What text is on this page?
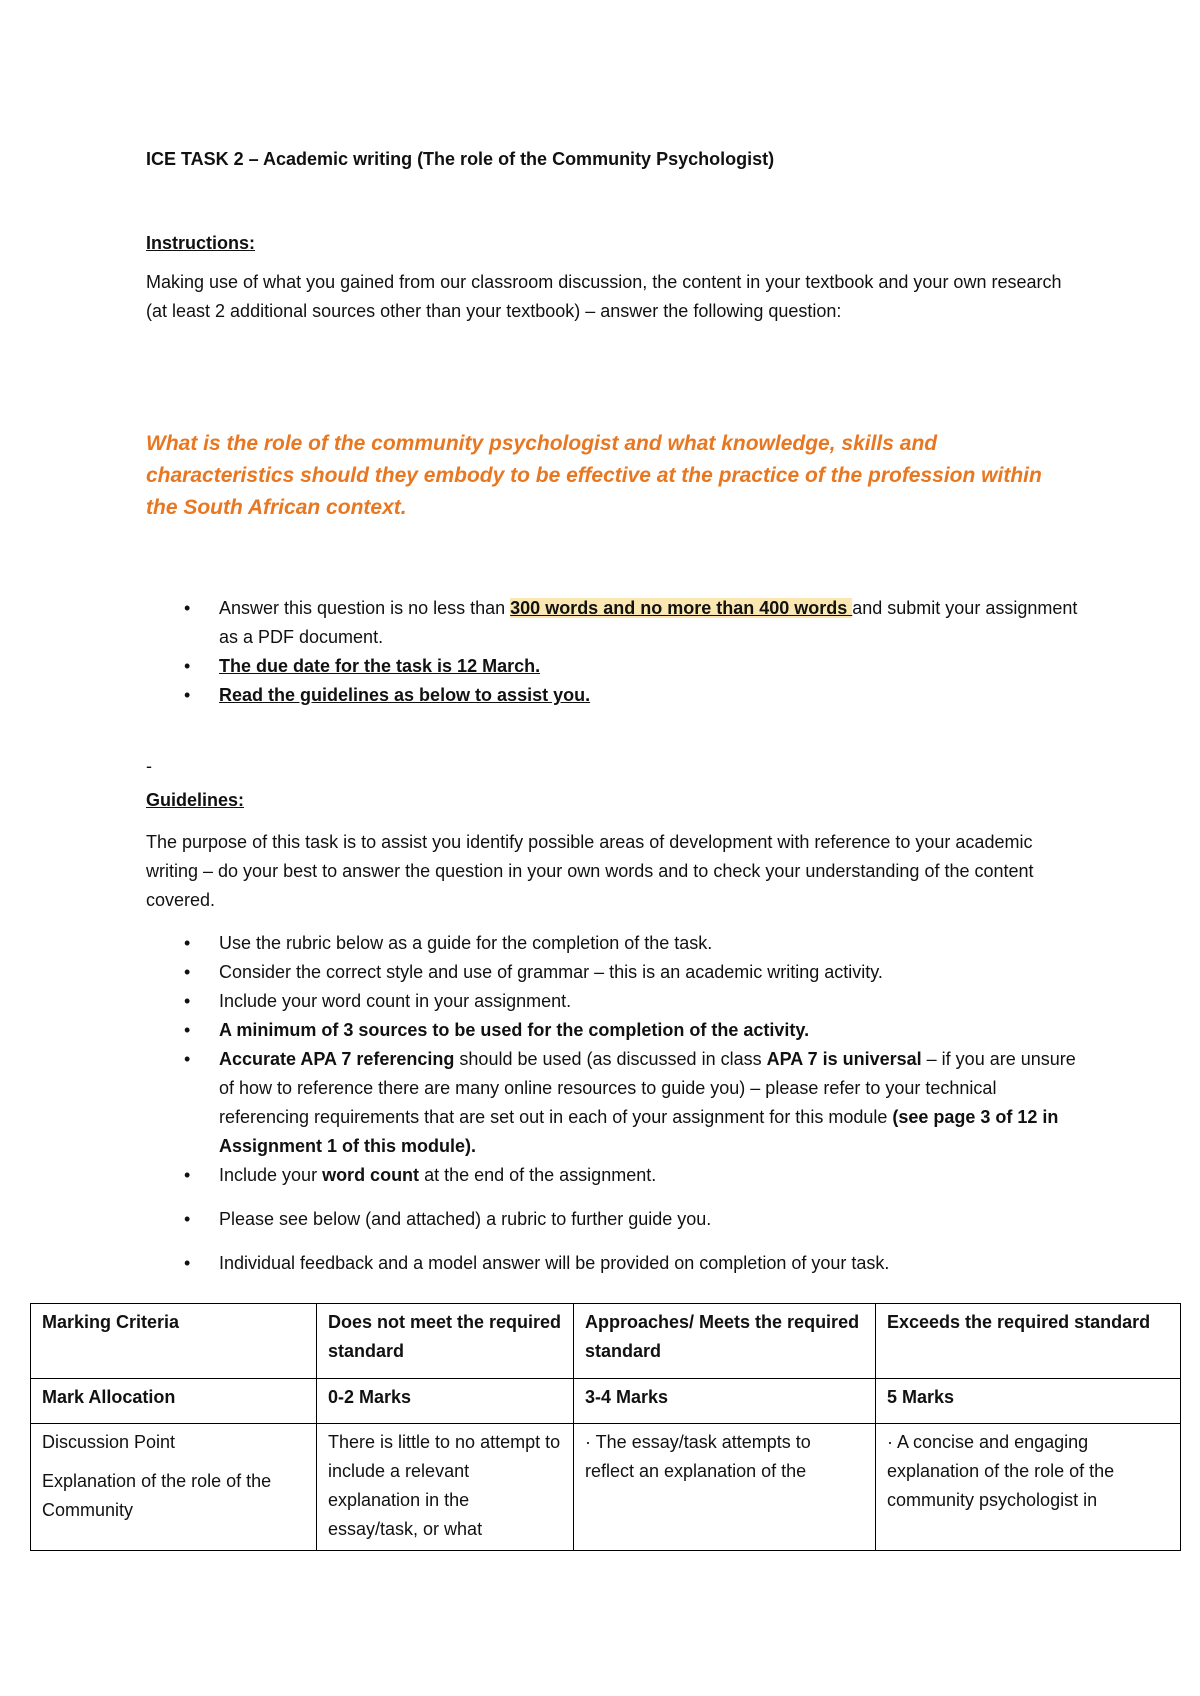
ICE TASK 2 – Academic writing (The role of the Community Psychologist)
Instructions:
Making use of what you gained from our classroom discussion, the content in your textbook and your own research (at least 2 additional sources other than your textbook) – answer the following question:
What is the role of the community psychologist and what knowledge, skills and characteristics should they embody to be effective at the practice of the profession within the South African context.
• Answer this question is no less than 300 words and no more than 400 words and submit your assignment as a PDF document.
• The due date for the task is 12 March.
• Read the guidelines as below to assist you.
-
Guidelines:
The purpose of this task is to assist you identify possible areas of development with reference to your academic writing – do your best to answer the question in your own words and to check your understanding of the content covered.
• Use the rubric below as a guide for the completion of the task.
• Consider the correct style and use of grammar – this is an academic writing activity.
• Include your word count in your assignment.
• A minimum of 3 sources to be used for the completion of the activity.
• Accurate APA 7 referencing should be used (as discussed in class APA 7 is universal – if you are unsure of how to reference there are many online resources to guide you) – please refer to your technical referencing requirements that are set out in each of your assignment for this module (see page 3 of 12 in Assignment 1 of this module).
• Include your word count at the end of the assignment.
• Please see below (and attached) a rubric to further guide you.
• Individual feedback and a model answer will be provided on completion of your task.
Marking Criteria	Does not meet the required standard	Approaches/ Meets the required standard	Exceeds the required standard
Mark Allocation	0-2 Marks	3-4 Marks	5 Marks

Discussion Point

Explanation of the role of the Community	There is little to no attempt to include a relevant explanation in the essay/task, or what	· The essay/task attempts to reflect an explanation of the	· A concise and engaging explanation of the role of the community psychologist in
